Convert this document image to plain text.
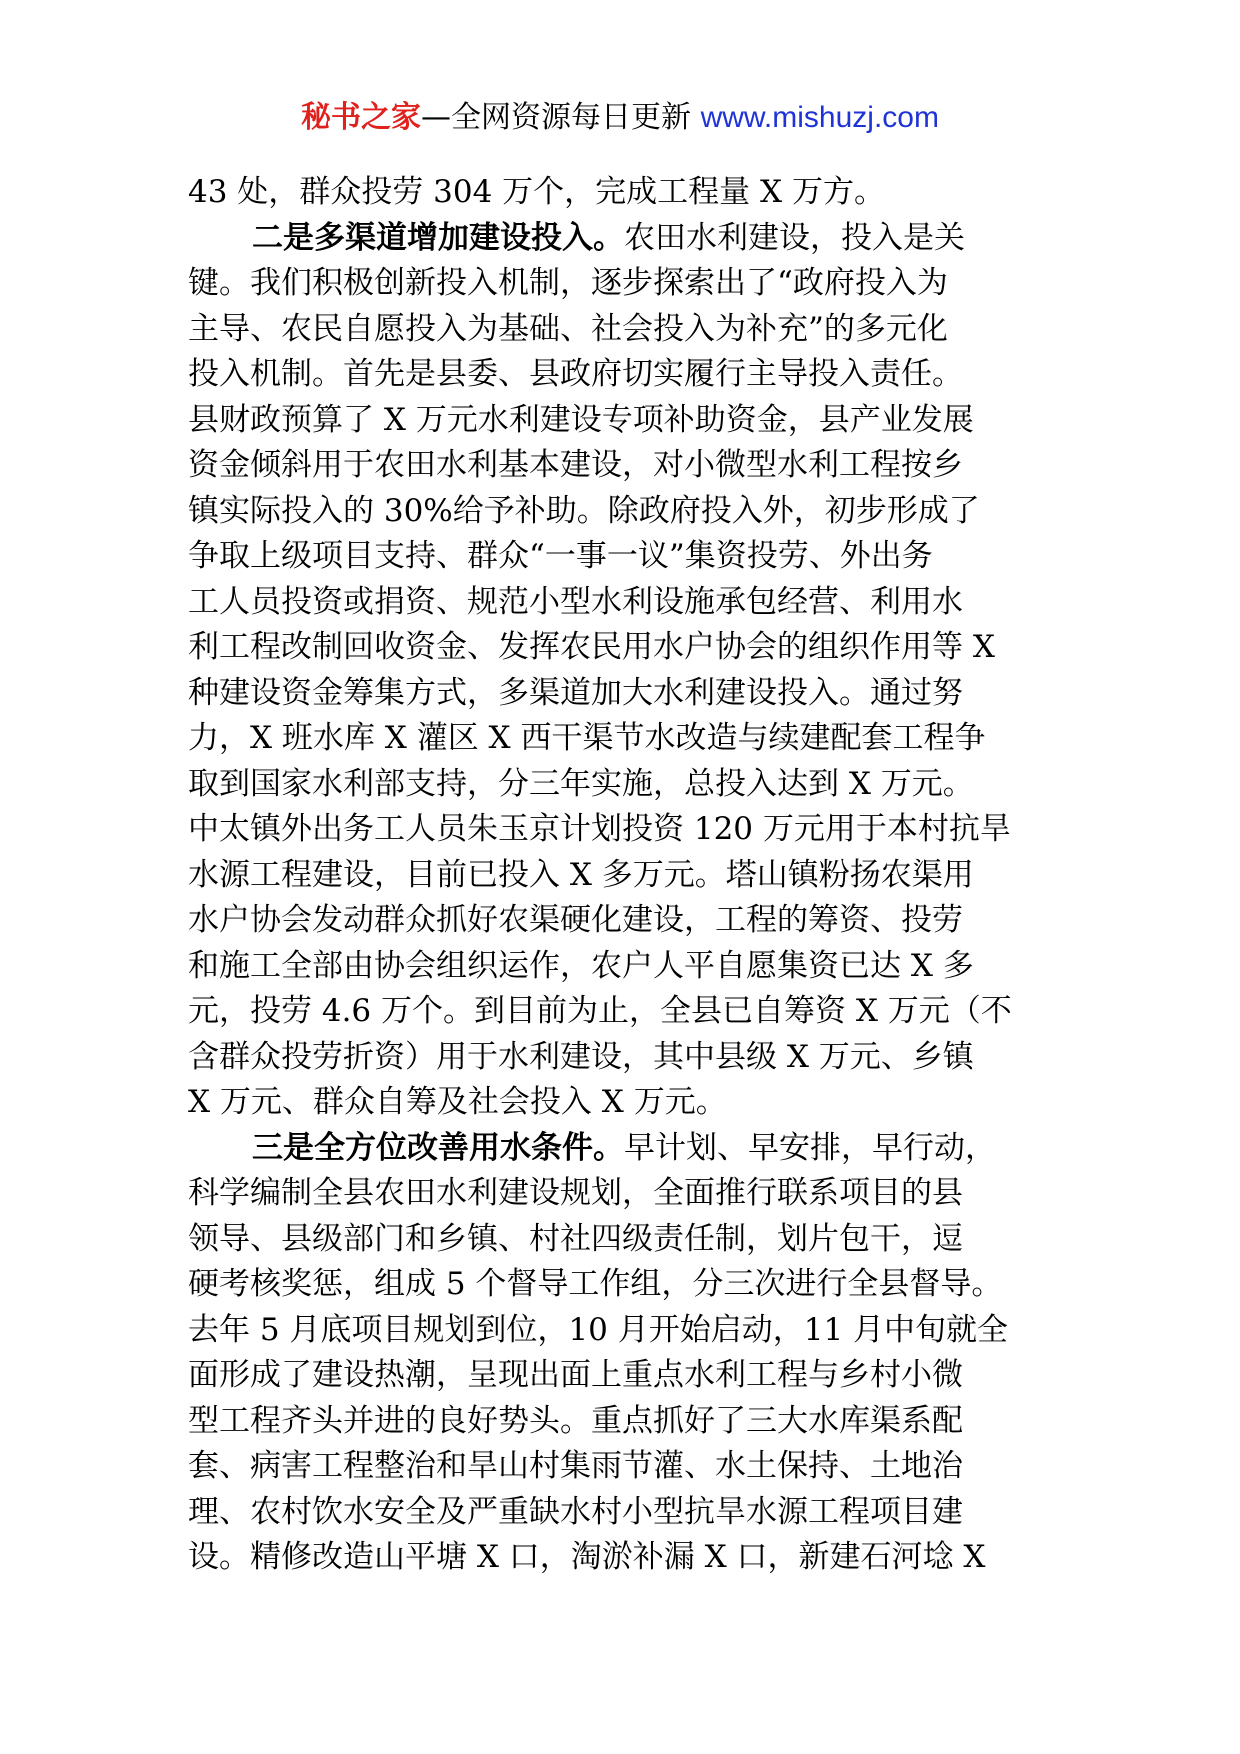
秘书之家—全网资源每日更新 www.mishuzj.com
43 处，群众投劳 304 万个，完成工程量 X 万方。
二是多渠道增加建设投入。农田水利建设，投入是关
键。我们积极创新投入机制，逐步探索出了“政府投入为
主导、农民自愿投入为基础、社会投入为补充”的多元化
投入机制。首先是县委、县政府切实履行主导投入责任。
县财政预算了 X 万元水利建设专项补助资金，县产业发展
资金倾斜用于农田水利基本建设，对小微型水利工程按乡
镇实际投入的 30%给予补助。除政府投入外，初步形成了
争取上级项目支持、群众“一事一议”集资投劳、外出务
工人员投资或捐资、规范小型水利设施承包经营、利用水
利工程改制回收资金、发挥农民用水户协会的组织作用等 X
种建设资金筹集方式，多渠道加大水利建设投入。通过努
力，X 班水库 X 灌区 X 西干渠节水改造与续建配套工程争
取到国家水利部支持，分三年实施，总投入达到 X 万元。
中太镇外出务工人员朱玉京计划投资 120 万元用于本村抗旱
水源工程建设，目前已投入 X 多万元。塔山镇粉扬农渠用
水户协会发动群众抓好农渠硬化建设，工程的筹资、投劳
和施工全部由协会组织运作，农户人平自愿集资已达 X 多
元，投劳 4.6 万个。到目前为止，全县已自筹资 X 万元（不
含群众投劳折资）用于水利建设，其中县级 X 万元、乡镇
X 万元、群众自筹及社会投入 X 万元。
三是全方位改善用水条件。早计划、早安排，早行动，
科学编制全县农田水利建设规划，全面推行联系项目的县
领导、县级部门和乡镇、村社四级责任制，划片包干，逗
硬考核奖惩，组成 5 个督导工作组，分三次进行全县督导。
去年 5 月底项目规划到位，10 月开始启动，11 月中旬就全
面形成了建设热潮，呈现出面上重点水利工程与乡村小微
型工程齐头并进的良好势头。重点抓好了三大水库渠系配
套、病害工程整治和旱山村集雨节灌、水土保持、土地治
理、农村饮水安全及严重缺水村小型抗旱水源工程项目建
设。精修改造山平塘 X 口，淘淤补漏 X 口，新建石河埝 X
